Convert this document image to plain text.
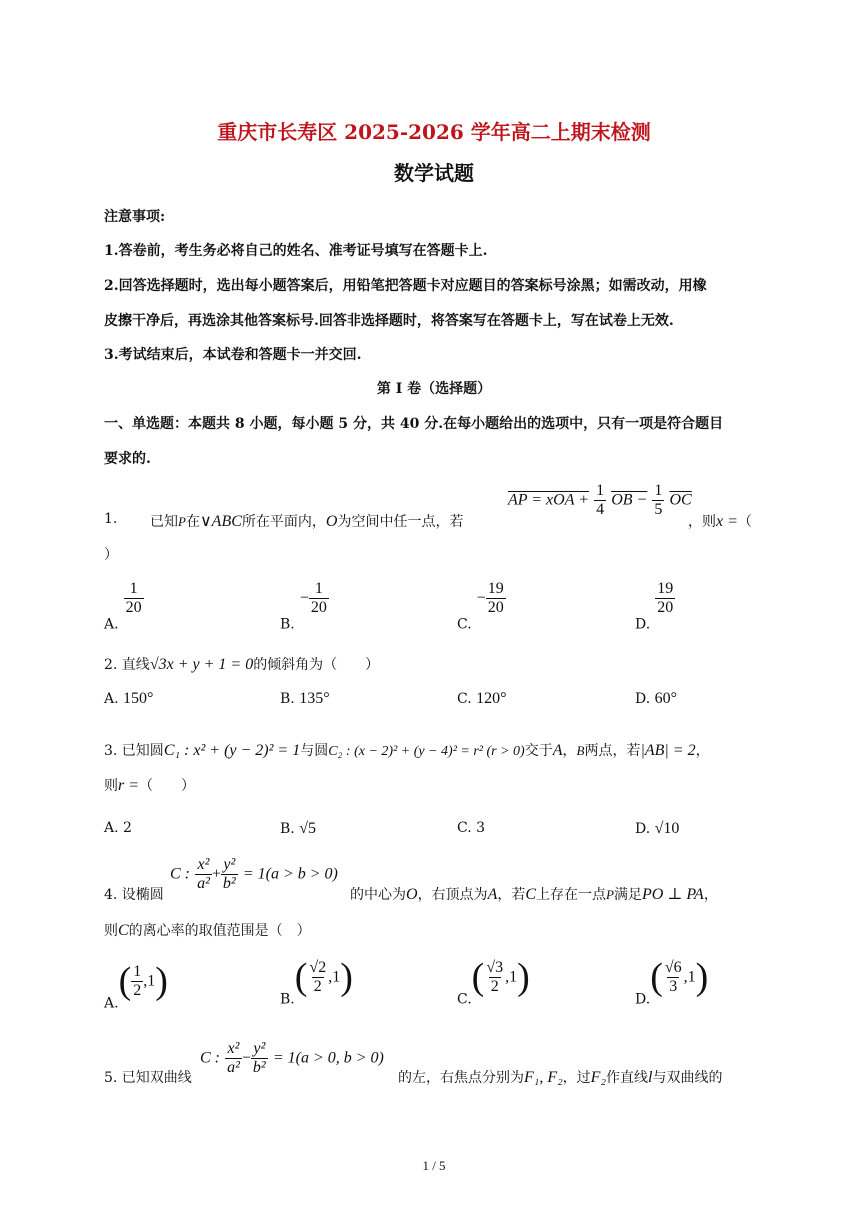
重庆市长寿区 2025-2026 学年高二上期末检测
数学试题
注意事项:
1.答卷前，考生务必将自己的姓名、准考证号填写在答题卡上.
2.回答选择题时，选出每小题答案后，用铅笔把答题卡对应题目的答案标号涂黑；如需改动，用橡
皮擦干净后，再选涂其他答案标号.回答非选择题时，将答案写在答题卡上，写在试卷上无效.
3.考试结束后，本试卷和答题卡一并交回.
第 I 卷（选择题）
一、单选题：本题共 8 小题，每小题 5 分，共 40 分.在每小题给出的选项中，只有一项是符合题目
要求的.
1. 已知P在∨ABC所在平面内，O为空间中任一点，若
AP = xOA + $\frac{1}{4}$ OB − $\frac{1}{5} \overline{OC}$
，则x =（
）
A.
$\frac{1}{20}$
B. − $\frac{1}{20}$
C. − $\frac{19}{20}$
D.
$\frac{19}{20}$
2. 直线√3x + y + 1 = 0的倾斜角为（　　）
A. 150°	B. 135°	C. 120°	D. 60°
3. 已知圆C₁ : x² + (y − 2)² = 1与圆C₂ : (x − 2)² + (y − 4)² = r² (r > 0)交于A，B两点，若|AB| = 2，
则r =（　　）
A. 2	B. √5	C. 3	D. √10
4. 设椭圆
C : $\frac{\text{x²}}{\text{a²}} + \frac{\text{y²}}{\text{b²}} = 1(a > b > 0)$
的中心为O，右顶点为A，若C上存在一点P满足PO ⊥ PA，
则C的离心率的取值范围是（　）
$A.( \frac{1}{2} ,1)$	$B.( \frac{√2}{2} ,1)$
$C.( \frac{√3}{2} ,1)$
$D.( \frac{√6}{3} ,1)$
5. 已知双曲线
C : $\frac{\text{x²}}{\text{a²}} - \frac{\text{y²}}{\text{b²}} = 1(a > 0$, b > 0)
的左，右焦点分别为F₁, F₂，过F₂作直线l与双曲线的
1 / 5
